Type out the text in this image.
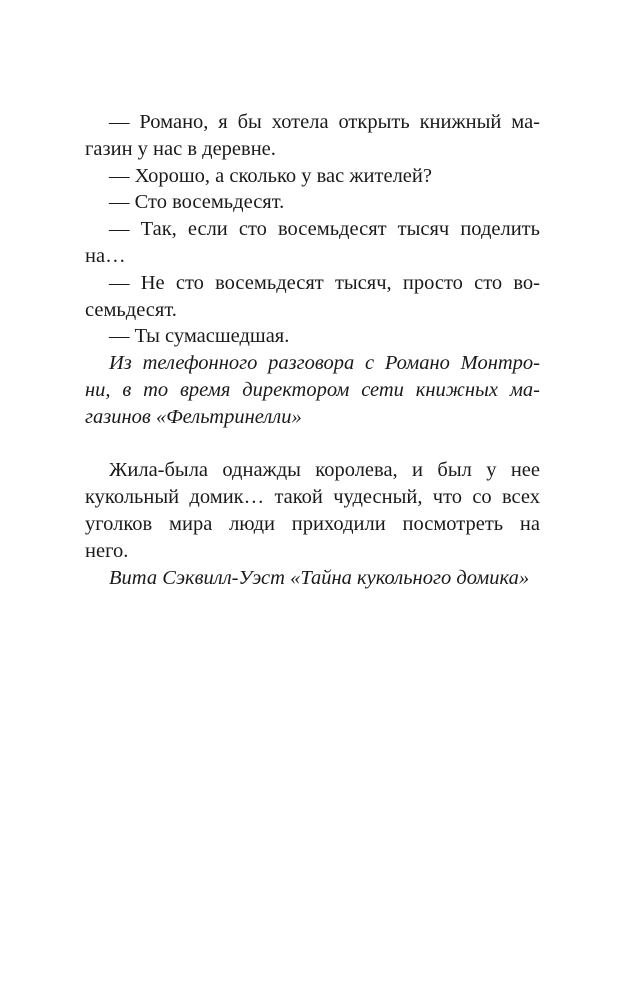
— Романо, я бы хотела открыть книжный ма-
газин у нас в деревне.
— Хорошо, а сколько у вас жителей?
— Сто восемьдесят.
— Так, если сто восемьдесят тысяч поделить
на…
— Не сто восемьдесят тысяч, просто сто во-
семьдесят.
— Ты сумасшедшая.
Из телефонного разговора с Романо Монтро-
ни, в то время директором сети книжных ма-
газинов «Фельтринелли»
Жила-была однажды королева, и был у нее
кукольный домик… такой чудесный, что со всех
уголков мира люди приходили посмотреть на
него.
Вита Сэквилл-Уэст «Тайна кукольного домика»
